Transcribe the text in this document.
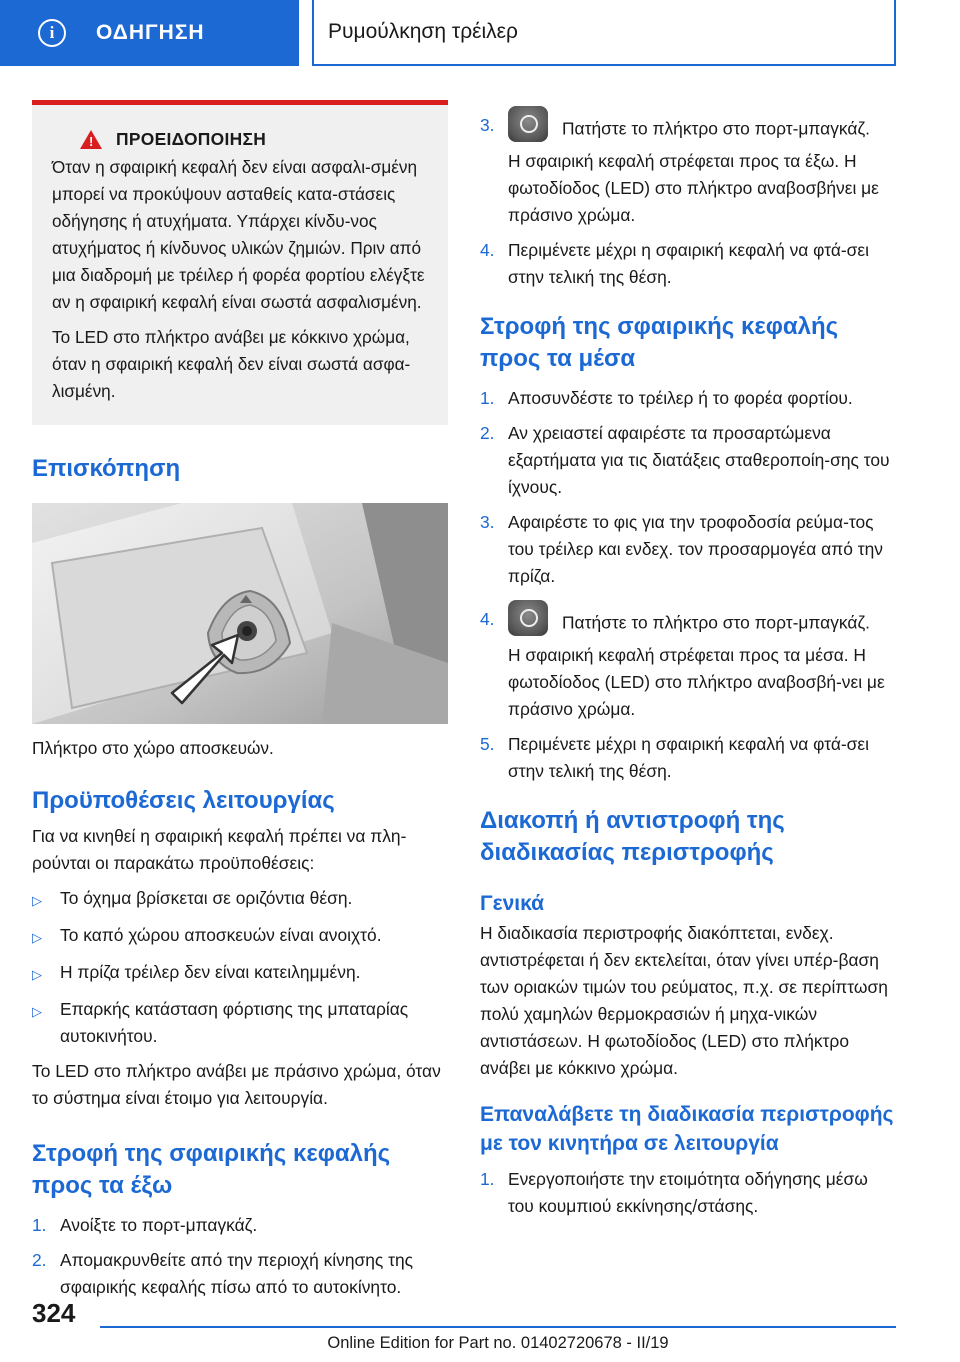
i	ΟΔΗΓΗΣΗ	Ρυμούλκηση τρέιλερ
! ΠΡΟΕΙΔΟΠΟΙΗΣΗ

Όταν η σφαιρική κεφαλή δεν είναι ασφαλι-σμένη μπορεί να προκύψουν ασταθείς κατα-στάσεις οδήγησης ή ατυχήματα. Υπάρχει κίνδυ-νος ατυχήματος ή κίνδυνος υλικών ζημιών. Πριν από μια διαδρομή με τρέιλερ ή φορέα φορτίου ελέγξτε αν η σφαιρική κεφαλή είναι σωστά ασφαλισμένη.

Το LED στο πλήκτρο ανάβει με κόκκινο χρώμα, όταν η σφαιρική κεφαλή δεν είναι σωστά ασφα-λισμένη.

Επισκόπηση

Πλήκτρο στο χώρο αποσκευών.

Προϋποθέσεις λειτουργίας

Για να κινηθεί η σφαιρική κεφαλή πρέπει να πλη-ρούνται οι παρακάτω προϋποθέσεις:

▷	Το όχημα βρίσκεται σε οριζόντια θέση.
▷	Το καπό χώρου αποσκευών είναι ανοιχτό.
▷	Η πρίζα τρέιλερ δεν είναι κατειλημμένη.
▷	Επαρκής κατάσταση φόρτισης της μπαταρίας αυτοκινήτου.

Το LED στο πλήκτρο ανάβει με πράσινο χρώμα, όταν το σύστημα είναι έτοιμο για λειτουργία.

Στροφή της σφαιρικής κεφαλής προς τα έξω
1. Ανοίξτε το πορτ-μπαγκάζ.
2. Απομακρυνθείτε από την περιοχή κίνησης της σφαιρικής κεφαλής πίσω από το αυτοκίνητο.
3.	Πατήστε το πλήκτρο στο πορτ-μπαγκάζ.
Η σφαιρική κεφαλή στρέφεται προς τα έξω. Η φωτοδίοδος (LED) στο πλήκτρο αναβοσβήνει με πράσινο χρώμα.
4. Περιμένετε μέχρι η σφαιρική κεφαλή να φτά-σει στην τελική της θέση.
Στροφή της σφαιρικής κεφαλής προς τα μέσα
1. Αποσυνδέστε το τρέιλερ ή το φορέα φορτίου.
2. Αν χρειαστεί αφαιρέστε τα προσαρτώμενα εξαρτήματα για τις διατάξεις σταθεροποίη-σης του ίχνους.
3. Αφαιρέστε το φις για την τροφοδοσία ρεύμα-τος του τρέιλερ και ενδεχ. τον προσαρμογέα από την πρίζα.
4.	Πατήστε το πλήκτρο στο πορτ-μπαγκάζ.
Η σφαιρική κεφαλή στρέφεται προς τα μέσα. Η φωτοδίοδος (LED) στο πλήκτρο αναβοσβή-νει με πράσινο χρώμα.
5. Περιμένετε μέχρι η σφαιρική κεφαλή να φτά-σει στην τελική της θέση.
Διακοπή ή αντιστροφή της διαδικασίας περιστροφής
Γενικά

Η διαδικασία περιστροφής διακόπτεται, ενδεχ. αντιστρέφεται ή δεν εκτελείται, όταν γίνει υπέρ-βαση των οριακών τιμών του ρεύματος, π.χ. σε περίπτωση πολύ χαμηλών θερμοκρασιών ή μηχα-νικών αντιστάσεων. Η φωτοδίοδος (LED) στο πλήκτρο ανάβει με κόκκινο χρώμα.

Επαναλάβετε τη διαδικασία περιστροφής με τον κινητήρα σε λειτουργία
1. Ενεργοποιήστε την ετοιμότητα οδήγησης μέσω του κουμπιού εκκίνησης/στάσης.
324
Online Edition for Part no. 01402720678 - II/19
